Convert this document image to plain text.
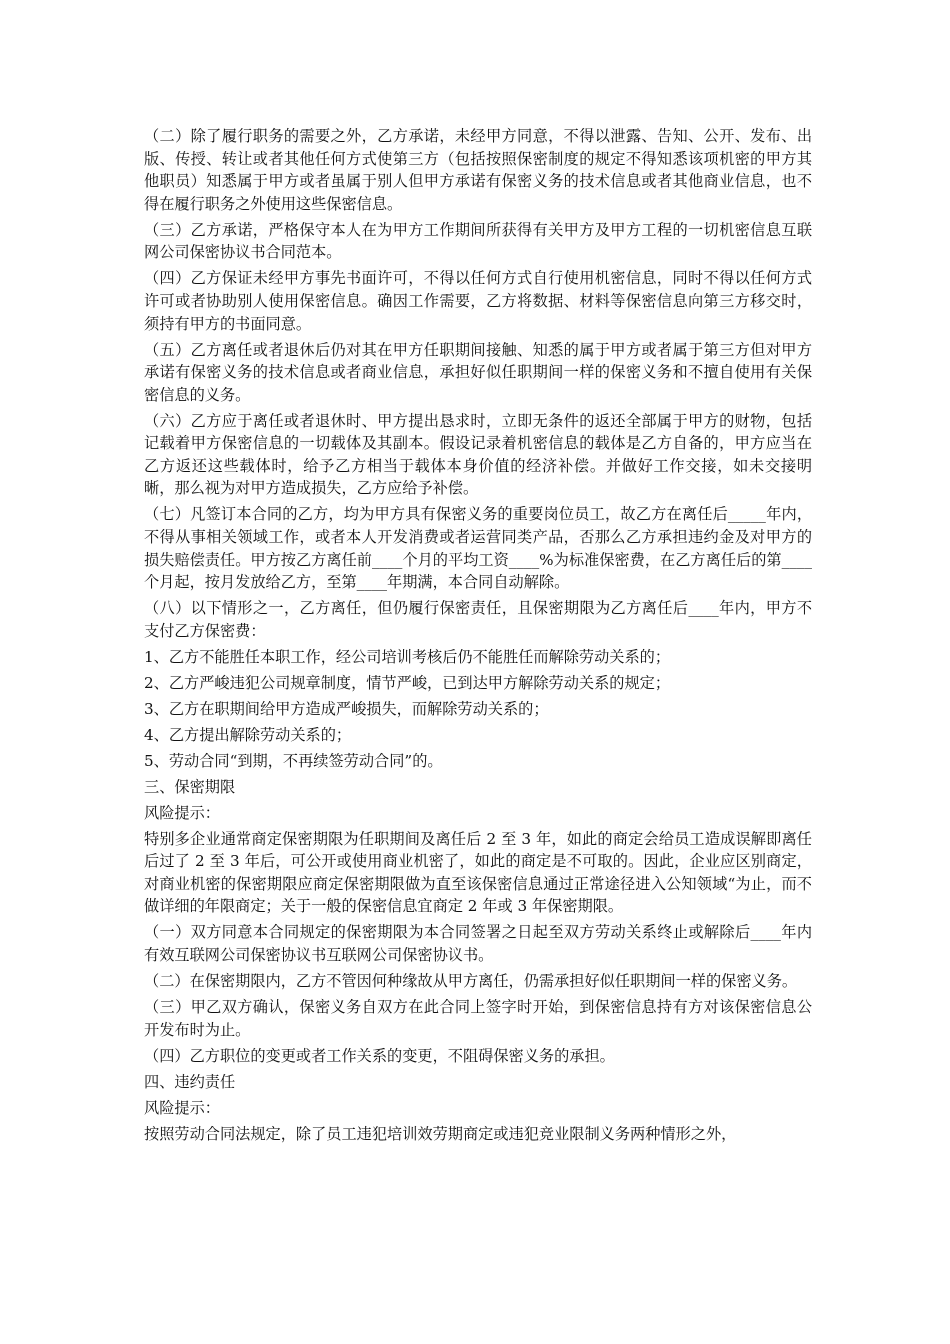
（二）除了履行职务的需要之外，乙方承诺，未经甲方同意，不得以泄露、告知、公开、发布、出版、传授、转让或者其他任何方式使第三方（包括按照保密制度的规定不得知悉该项机密的甲方其他职员）知悉属于甲方或者虽属于别人但甲方承诺有保密义务的技术信息或者其他商业信息，也不得在履行职务之外使用这些保密信息。

（三）乙方承诺，严格保守本人在为甲方工作期间所获得有关甲方及甲方工程的一切机密信息互联网公司保密协议书合同范本。

（四）乙方保证未经甲方事先书面许可，不得以任何方式自行使用机密信息，同时不得以任何方式许可或者协助别人使用保密信息。确因工作需要，乙方将数据、材料等保密信息向第三方移交时，须持有甲方的书面同意。

（五）乙方离任或者退休后仍对其在甲方任职期间接触、知悉的属于甲方或者属于第三方但对甲方承诺有保密义务的技术信息或者商业信息，承担好似任职期间一样的保密义务和不擅自使用有关保密信息的义务。

（六）乙方应于离任或者退休时、甲方提出恳求时，立即无条件的返还全部属于甲方的财物，包括记载着甲方保密信息的一切载体及其副本。假设记录着机密信息的载体是乙方自备的，甲方应当在乙方返还这些载体时，给予乙方相当于载体本身价值的经济补偿。并做好工作交接，如未交接明晰，那么视为对甲方造成损失，乙方应给予补偿。

（七）凡签订本合同的乙方，均为甲方具有保密义务的重要岗位员工，故乙方在离任后_____年内，不得从事相关领域工作，或者本人开发消费或者运营同类产品，否那么乙方承担违约金及对甲方的损失赔偿责任。甲方按乙方离任前____个月的平均工资____%为标准保密费，在乙方离任后的第____个月起，按月发放给乙方，至第____年期满，本合同自动解除。

（八）以下情形之一，乙方离任，但仍履行保密责任，且保密期限为乙方离任后____年内，甲方不支付乙方保密费：

1、乙方不能胜任本职工作，经公司培训考核后仍不能胜任而解除劳动关系的；

2、乙方严峻违犯公司规章制度，情节严峻，已到达甲方解除劳动关系的规定；

3、乙方在职期间给甲方造成严峻损失，而解除劳动关系的；

4、乙方提出解除劳动关系的；

5、劳动合同“到期，不再续签劳动合同”的。

三、保密期限

风险提示：

特别多企业通常商定保密期限为任职期间及离任后 2 至 3 年，如此的商定会给员工造成误解即离任后过了 2 至 3 年后，可公开或使用商业机密了，如此的商定是不可取的。因此，企业应区别商定，对商业机密的保密期限应商定保密期限做为直至该保密信息通过正常途径进入公知领域“为止，而不做详细的年限商定；关于一般的保密信息宜商定 2 年或 3 年保密期限。

（一）双方同意本合同规定的保密期限为本合同签署之日起至双方劳动关系终止或解除后____年内有效互联网公司保密协议书互联网公司保密协议书。

（二）在保密期限内，乙方不管因何种缘故从甲方离任，仍需承担好似任职期间一样的保密义务。

（三）甲乙双方确认，保密义务自双方在此合同上签字时开始，到保密信息持有方对该保密信息公开发布时为止。

（四）乙方职位的变更或者工作关系的变更，不阻碍保密义务的承担。

四、违约责任

风险提示：

按照劳动合同法规定，除了员工违犯培训效劳期商定或违犯竞业限制义务两种情形之外，
